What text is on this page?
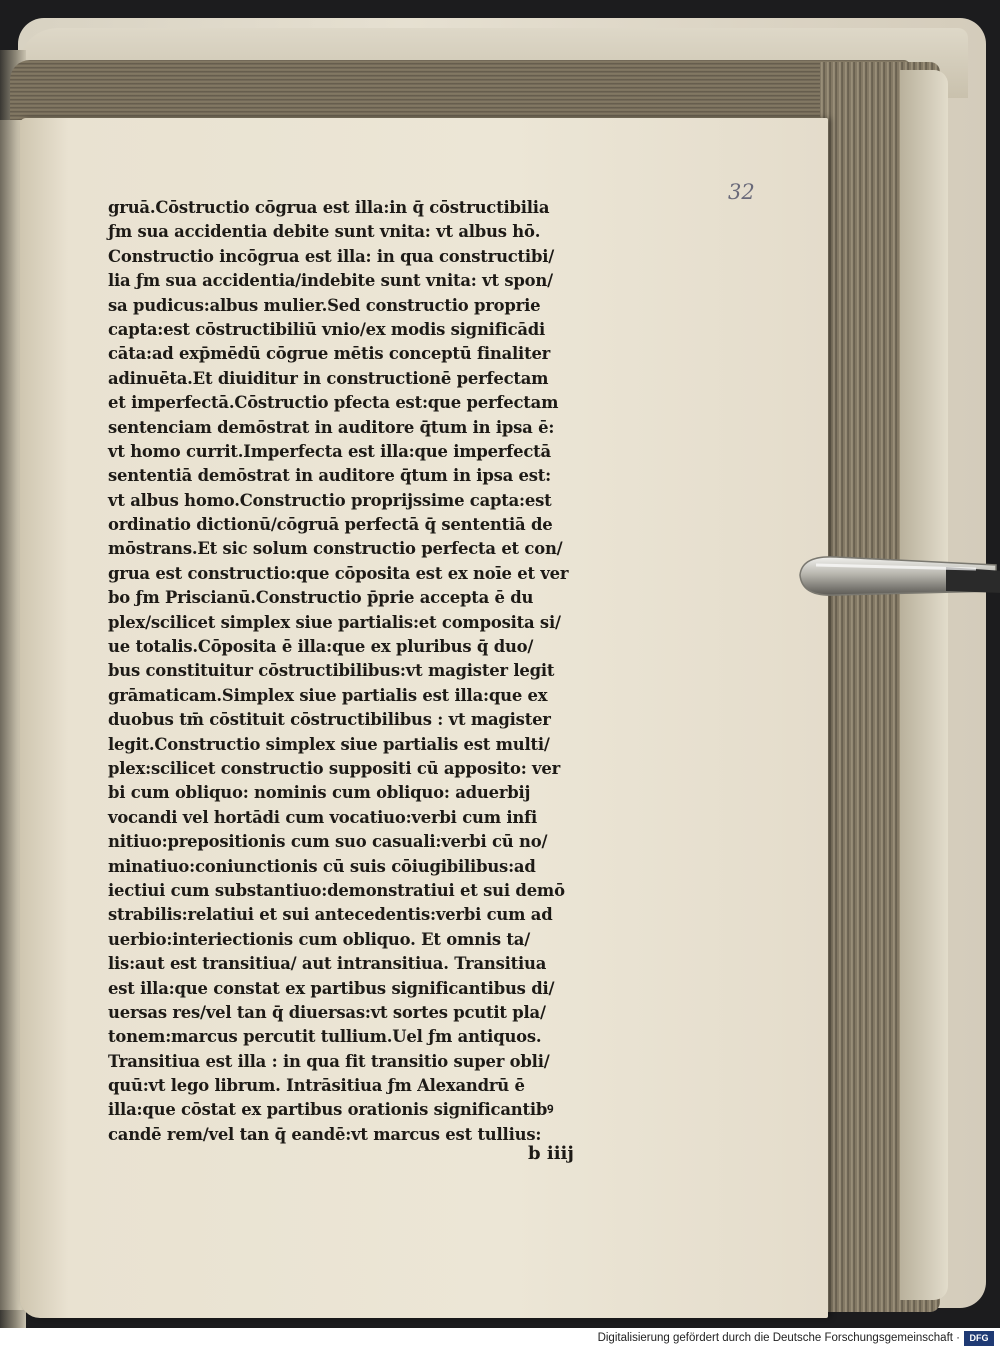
32

gruā.Cōstructio cōgrua est illa:in q̄ cōstructibilia
ƒm sua accidentia debite sunt vnita: vt albus hō.
Constructio incōgrua est illa: in qua constructibi/
lia ƒm sua accidentia/indebite sunt vnita: vt spon/
sa pudicus:albus mulier.Sed constructio proprie
capta:est cōstructibiliū vnio/ex modis significādi
cāta:ad exp̄mēdū cōgrue mētis conceptū finaliter
adinuēta.Et diuiditur in constructionē perfectam
et imperfectā.Cōstructio pfecta est:que perfectam
sentenciam demōstrat in auditore q̄tum in ipsa ē:
vt homo currit.Imperfecta est illa:que imperfectā
sententiā demōstrat in auditore q̄tum in ipsa est:
vt albus homo.Constructio proprijssime capta:est
ordinatio dictionū/cōgruā perfectā q̄ sententiā de
mōstrans.Et sic solum constructio perfecta et con/
grua est constructio:que cōposita est ex noīe et ver
bo ƒm Priscianū.Constructio p̄prie accepta ē du
plex/scilicet simplex siue partialis:et composita si/
ue totalis.Cōposita ē illa:que ex pluribus q̄ duo/
bus constituitur cōstructibilibus:vt magister legit
grāmaticam.Simplex siue partialis est illa:que ex
duobus tm̄ cōstituit cōstructibilibus : vt magister
legit.Constructio simplex siue partialis est multi/
plex:scilicet constructio suppositi cū apposito: ver
bi cum obliquo: nominis cum obliquo: aduerbij
vocandi vel hortādi cum vocatiuo:verbi cum infi
nitiuo:prepositionis cum suo casuali:verbi cū no/
minatiuo:coniunctionis cū suis cōiugibilibus:ad
iectiui cum substantiuo:demonstratiui et sui demō
strabilis:relatiui et sui antecedentis:verbi cum ad
uerbio:interiectionis cum obliquo. Et omnis ta/
lis:aut est transitiua/ aut intransitiua. Transitiua
est illa:que constat ex partibus significantibus di/
uersas res/vel tan q̄ diuersas:vt sortes pcutit pla/
tonem:marcus percutit tullium.Uel ƒm antiquos.
Transitiua est illa : in qua fit transitio super obli/
quū:vt lego librum. Intrāsitiua ƒm Alexandrū ē
illa:que cōstat ex partibus orationis significantibꝰ
candē rem/vel tan q̄ eandē:vt marcus est tullius:

b iiij

Digitalisierung gefördert durch die Deutsche Forschungsgemeinschaft ·	DFG
